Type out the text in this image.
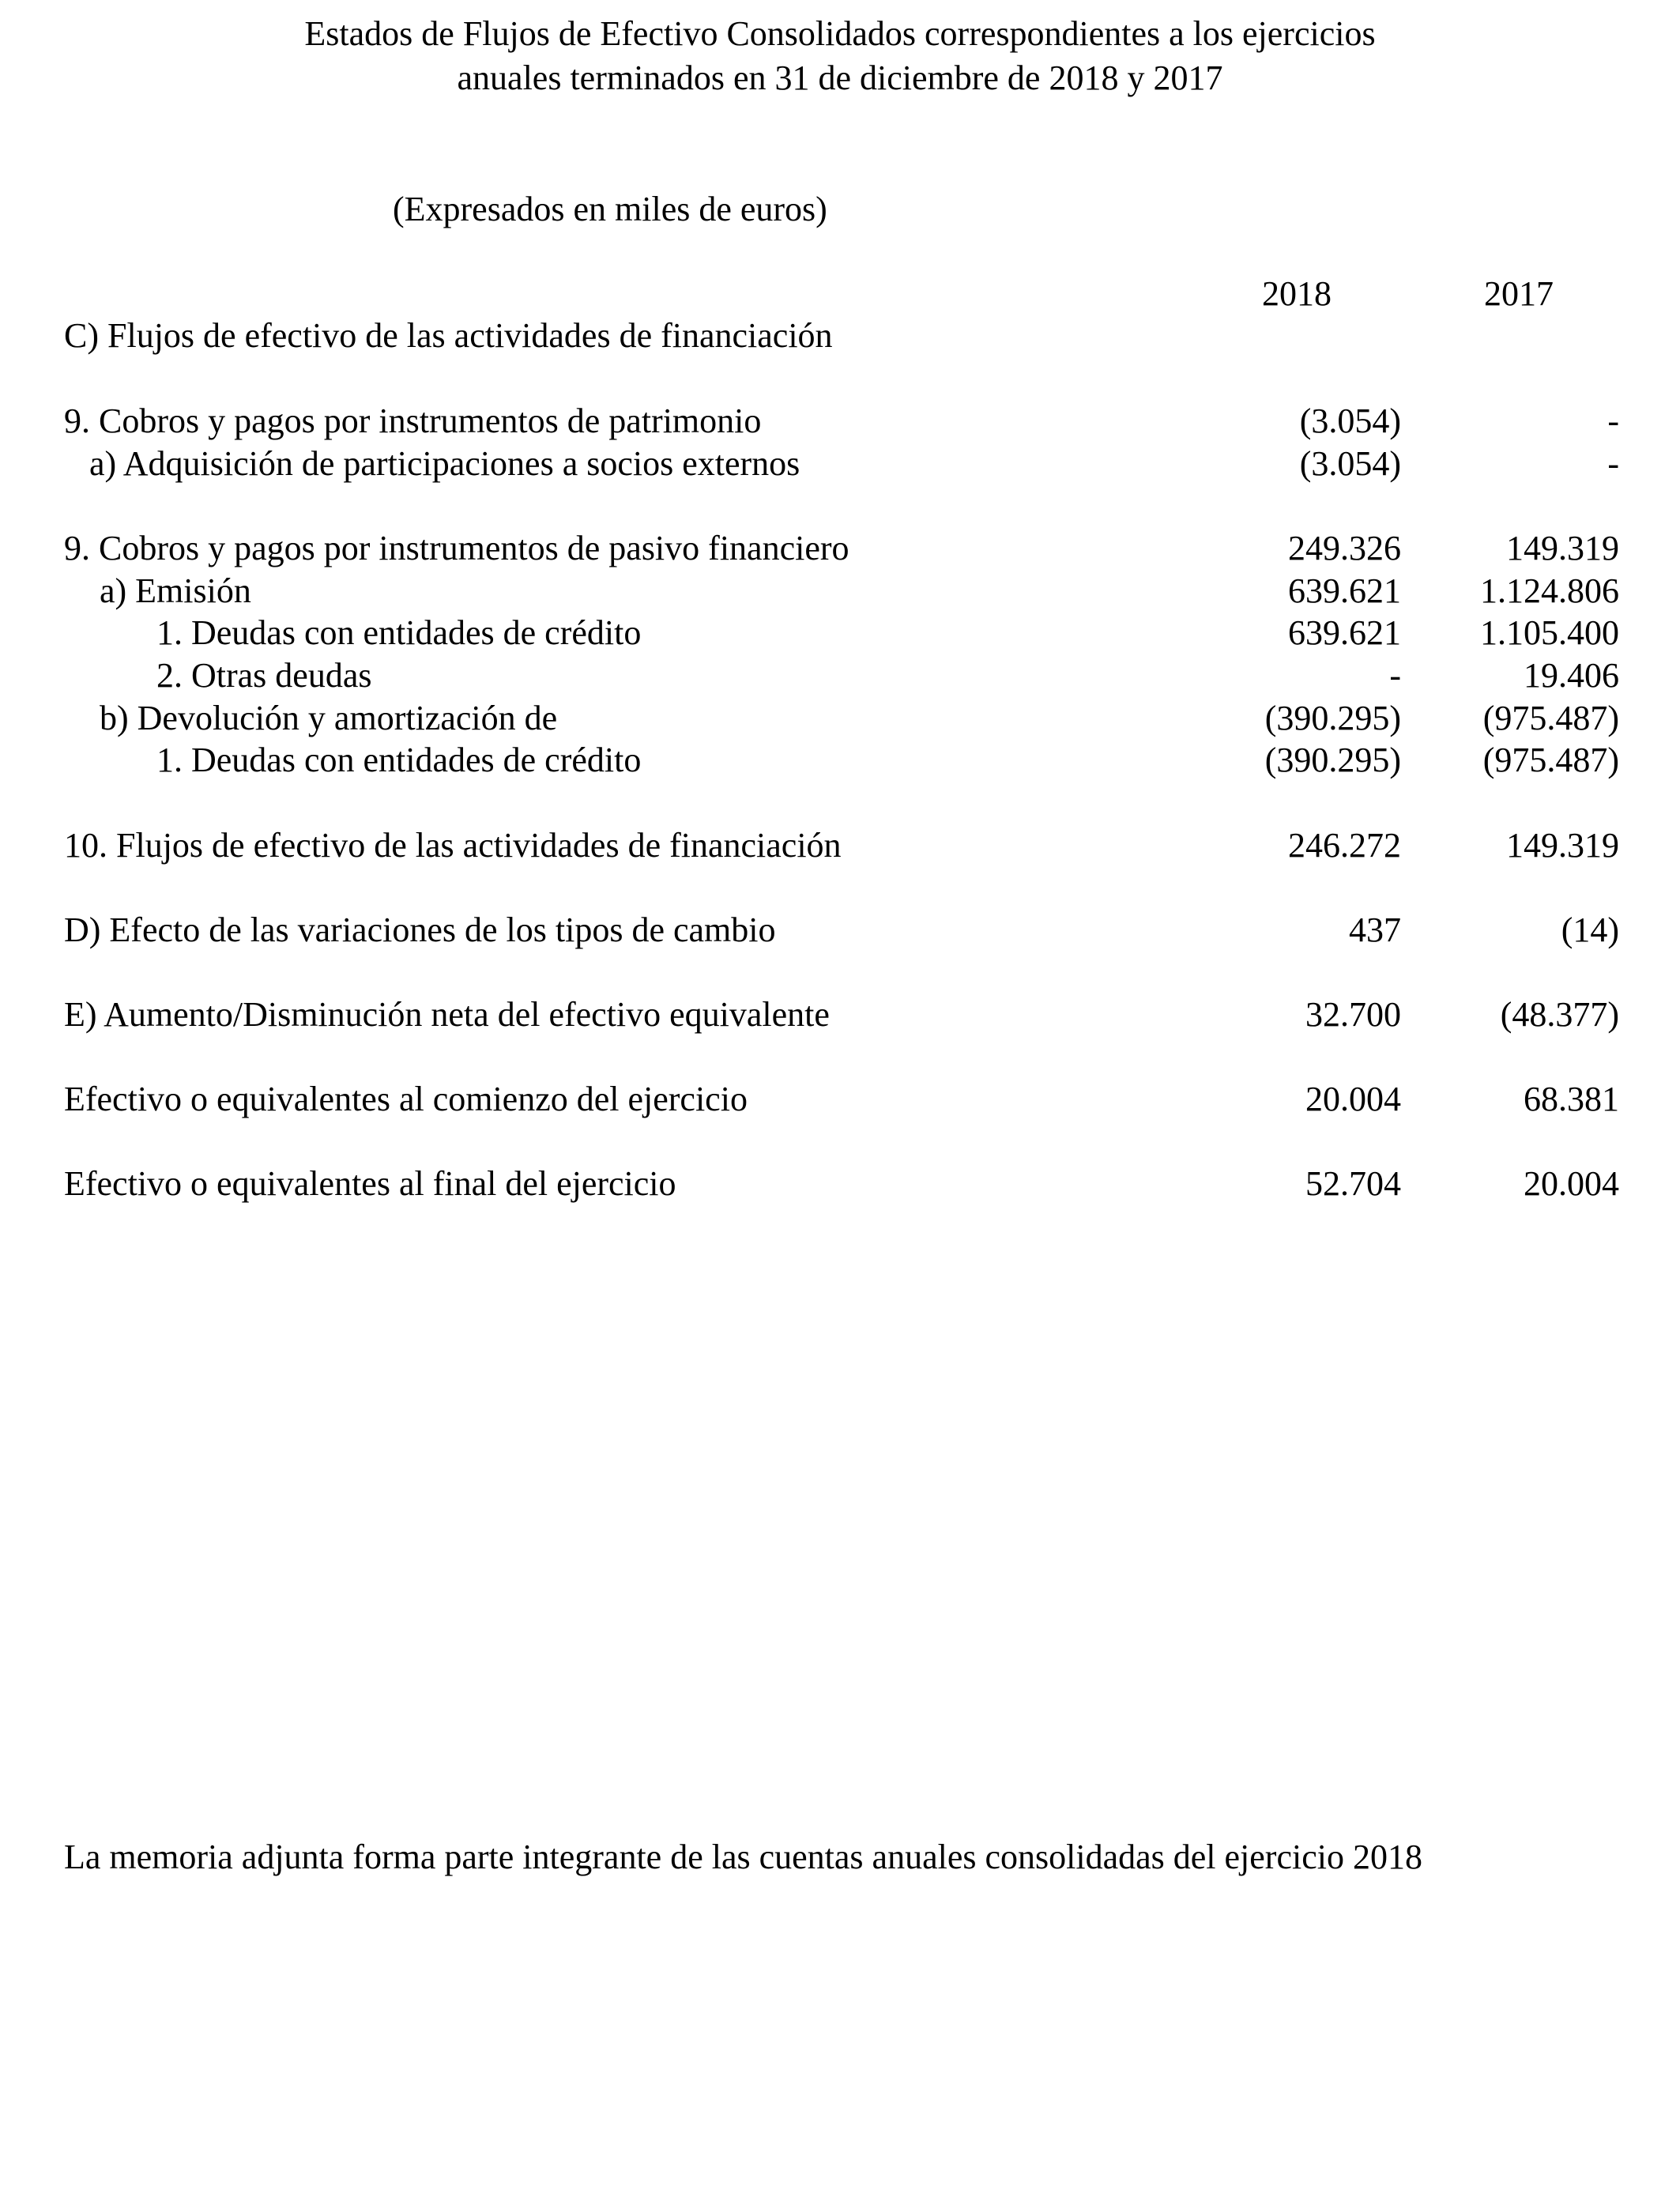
Estados de Flujos de Efectivo Consolidados correspondientes a los ejercicios
anuales terminados en 31 de diciembre de 2018 y 2017
(Expresados en miles de euros)
2018	2017
C) Flujos de efectivo de las actividades de financiación
9. Cobros y pagos por instrumentos de patrimonio	(3.054)	-
a) Adquisición de participaciones a socios externos	(3.054)	-
9. Cobros y pagos por instrumentos de pasivo financiero	249.326	149.319
a) Emisión	639.621	1.124.806
1. Deudas con entidades de crédito	639.621	1.105.400
2. Otras deudas	-	19.406
b) Devolución y amortización de	(390.295)	(975.487)
1. Deudas con entidades de crédito	(390.295)	(975.487)
10. Flujos de efectivo de las actividades de financiación	246.272	149.319
D) Efecto de las variaciones de los tipos de cambio	437	(14)
E) Aumento/Disminución neta del efectivo equivalente	32.700	(48.377)
Efectivo o equivalentes al comienzo del ejercicio	20.004	68.381
Efectivo o equivalentes al final del ejercicio	52.704	20.004
La memoria adjunta forma parte integrante de las cuentas anuales consolidadas del ejercicio 2018
